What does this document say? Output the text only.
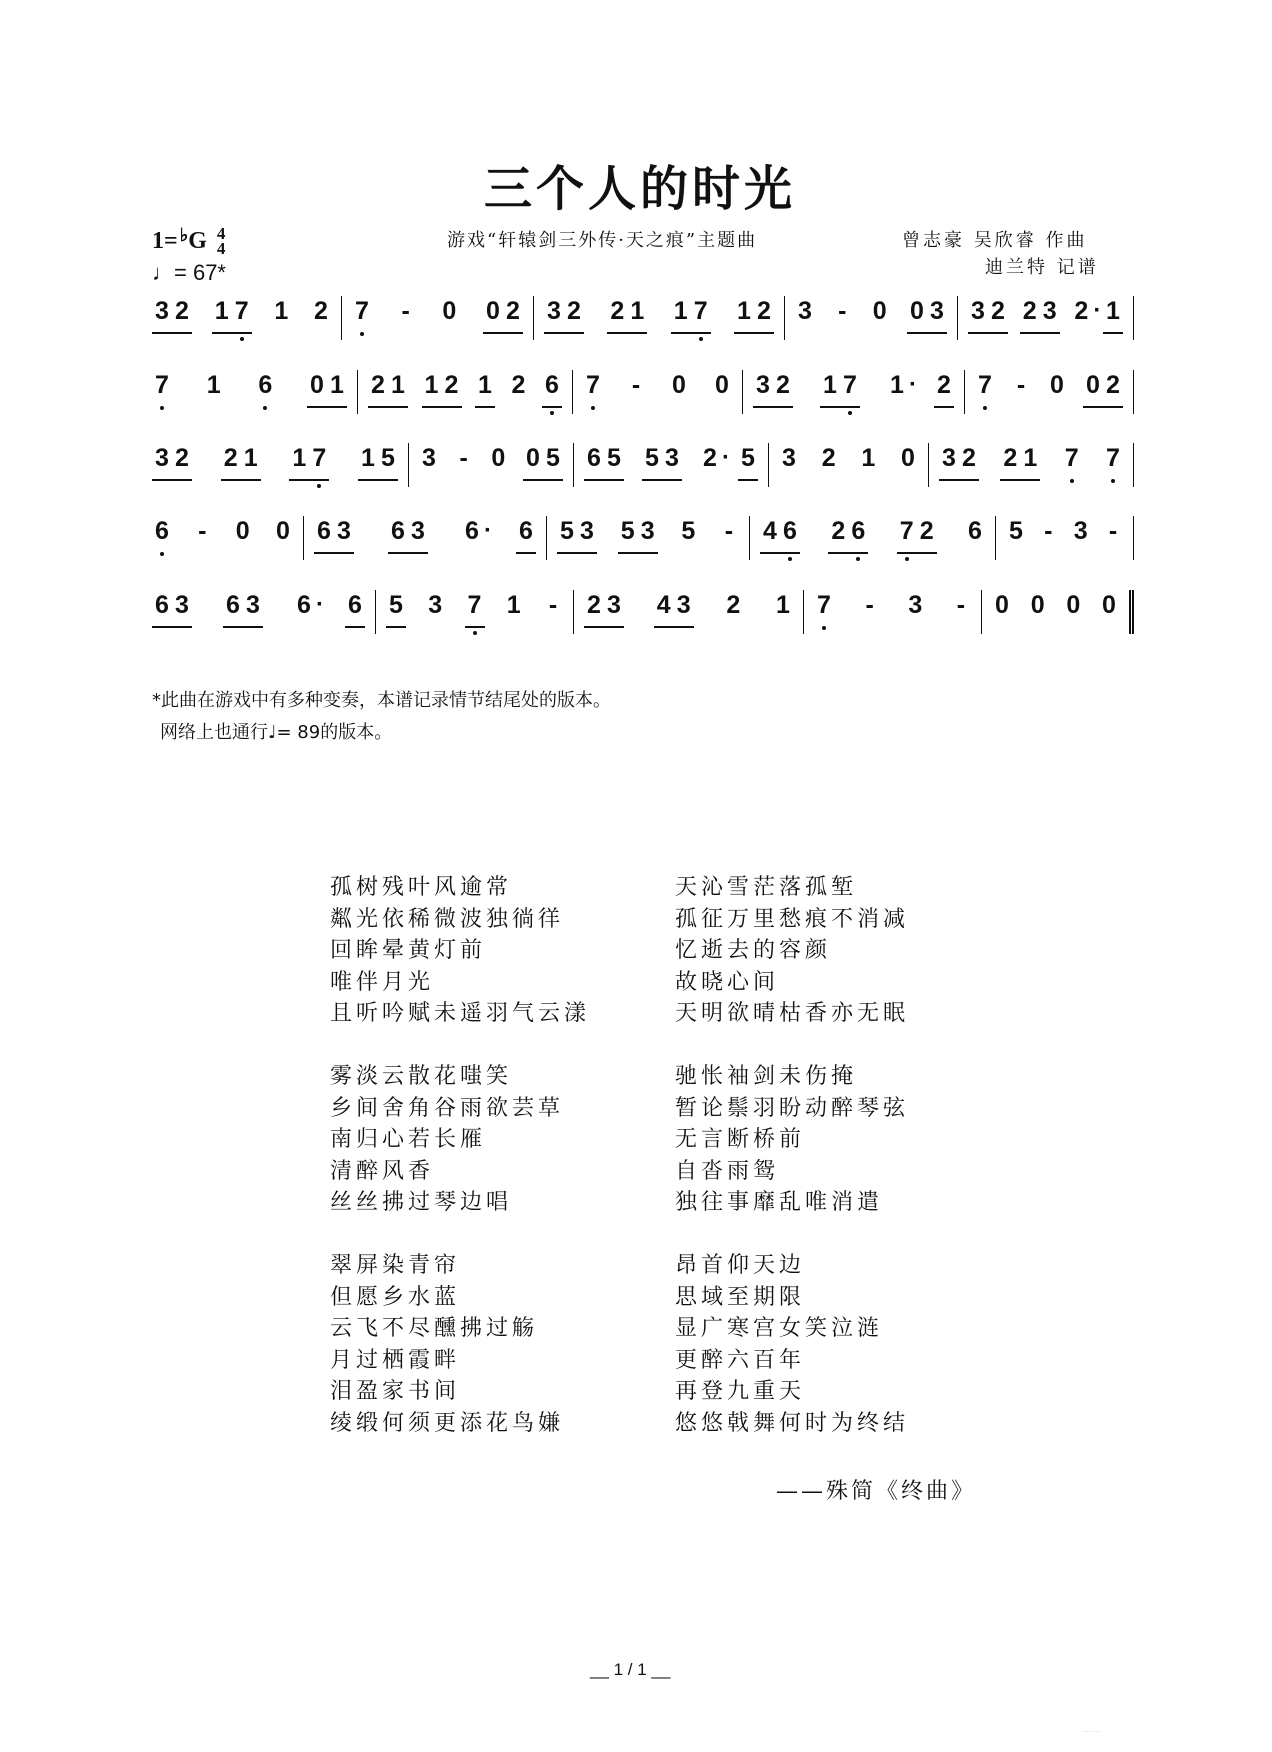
三个人的时光
1= ♭ G 4
4
♩= 67*
游戏“轩辕剑三外传·天之痕”主题曲	曾志豪 吴欣睿 作曲
迪兰特 记谱
3 2 1 7 1 2 7 - 0 0 2 3 2 2 1 1 7 1 2 3 - 0 0 3 3 2 2 3 2 · 1
7 1 6 0 1 2 1 1 2 1 2 6 7 - 0 0 3 2 1 7 1 · 2 7 - 0 0 2
3 2 2 1 1 7 1 5 3 - 0 0 5 6 5 5 3 2 · 5 3 2 1 0 3 2 2 1 7 7
6 - 0 0 6 3 6 3 6 · 6 5 3 5 3 5 - 4 6 2 6 7 2 6 5 - 3 -
6 3 6 3 6 · 6 5 3 7 1 - 2 3 4 3 2 1 7 - 3 - 0 0 0 0
*此曲在游戏中有多种变奏，本谱记录情节结尾处的版本。
网络上也通行♩= 89的版本。
孤树残叶风逾常
粼光依稀微波独徜徉
回眸晕黄灯前
唯伴月光
且听吟赋未遥羽气云漾
天沁雪茫落孤堑
孤征万里愁痕不消减
忆逝去的容颜
故晓心间
天明欲晴枯香亦无眠
雾淡云散花嗤笑
乡间舍角谷雨欲芸草
南归心若长雁
清醉风香
丝丝拂过琴边唱
驰怅袖剑未伤掩
暂论鬃羽盼动醉琴弦
无言断桥前
自沓雨鸳
独往事靡乱唯消遣
翠屏染青帘
但愿乡水蓝
云飞不尽醺拂过觞
月过栖霞畔
泪盈家书间
绫缎何须更添花鸟嫌
昂首仰天边
思域至期限
显广寒宫女笑泣涟
更醉六百年
再登九重天
悠悠戟舞何时为终结
——殊简《终曲》
__ 1 / 1 __
...........
